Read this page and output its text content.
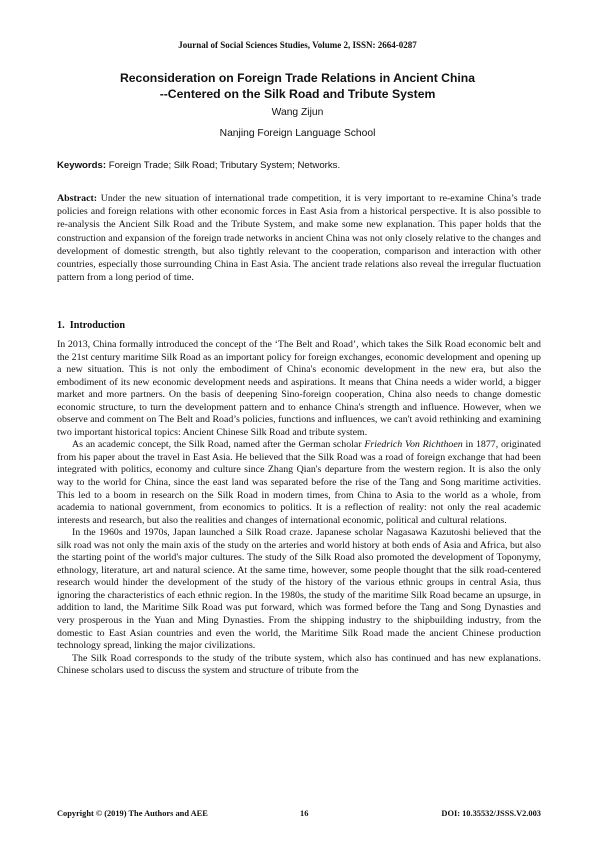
Journal of Social Sciences Studies, Volume 2, ISSN: 2664-0287
Reconsideration on Foreign Trade Relations in Ancient China
--Centered on the Silk Road and Tribute System
Wang Zijun
Nanjing Foreign Language School
Keywords: Foreign Trade; Silk Road; Tributary System; Networks.
Abstract: Under the new situation of international trade competition, it is very important to re-examine China’s trade policies and foreign relations with other economic forces in East Asia from a historical perspective. It is also possible to re-analysis the Ancient Silk Road and the Tribute System, and make some new explanation. This paper holds that the construction and expansion of the foreign trade networks in ancient China was not only closely relative to the changes and development of domestic strength, but also tightly relevant to the cooperation, comparison and interaction with other countries, especially those surrounding China in East Asia. The ancient trade relations also reveal the irregular fluctuation pattern from a long period of time.
1.  Introduction

In 2013, China formally introduced the concept of the ‘The Belt and Road’, which takes the Silk Road economic belt and the 21st century maritime Silk Road as an important policy for foreign exchanges, economic development and opening up a new situation. This is not only the embodiment of China's economic development in the new era, but also the embodiment of its new economic development needs and aspirations. It means that China needs a wider world, a bigger market and more partners. On the basis of deepening Sino-foreign cooperation, China also needs to change domestic economic structure, to turn the development pattern and to enhance China's strength and influence. However, when we observe and comment on The Belt and Road’s policies, functions and influences, we can't avoid rethinking and examining two important historical topics: Ancient Chinese Silk Road and tribute system.

As an academic concept, the Silk Road, named after the German scholar Friedrich Von Richthoen in 1877, originated from his paper about the travel in East Asia. He believed that the Silk Road was a road of foreign exchange that had been integrated with politics, economy and culture since Zhang Qian's departure from the western region. It is also the only way to the world for China, since the east land was separated before the rise of the Tang and Song maritime activities. This led to a boom in research on the Silk Road in modern times, from China to Asia to the world as a whole, from academia to national government, from economics to politics. It is a reflection of reality: not only the real academic interests and research, but also the realities and changes of international economic, political and cultural relations.

In the 1960s and 1970s, Japan launched a Silk Road craze. Japanese scholar Nagasawa Kazutoshi believed that the silk road was not only the main axis of the study on the arteries and world history at both ends of Asia and Africa, but also the starting point of the world's major cultures. The study of the Silk Road also promoted the development of Toponymy, ethnology, literature, art and natural science. At the same time, however, some people thought that the silk road-centered research would hinder the development of the study of the history of the various ethnic groups in central Asia, thus ignoring the characteristics of each ethnic region. In the 1980s, the study of the maritime Silk Road became an upsurge, in addition to land, the Maritime Silk Road was put forward, which was formed before the Tang and Song Dynasties and very prosperous in the Yuan and Ming Dynasties. From the shipping industry to the shipbuilding industry, from the domestic to East Asian countries and even the world, the Maritime Silk Road made the ancient Chinese production technology spread, linking the major civilizations.

The Silk Road corresponds to the study of the tribute system, which also has continued and has new explanations. Chinese scholars used to discuss the system and structure of tribute from the

Copyright © (2019) The Authors and AEE	16	DOI: 10.35532/JSSS.V2.003
